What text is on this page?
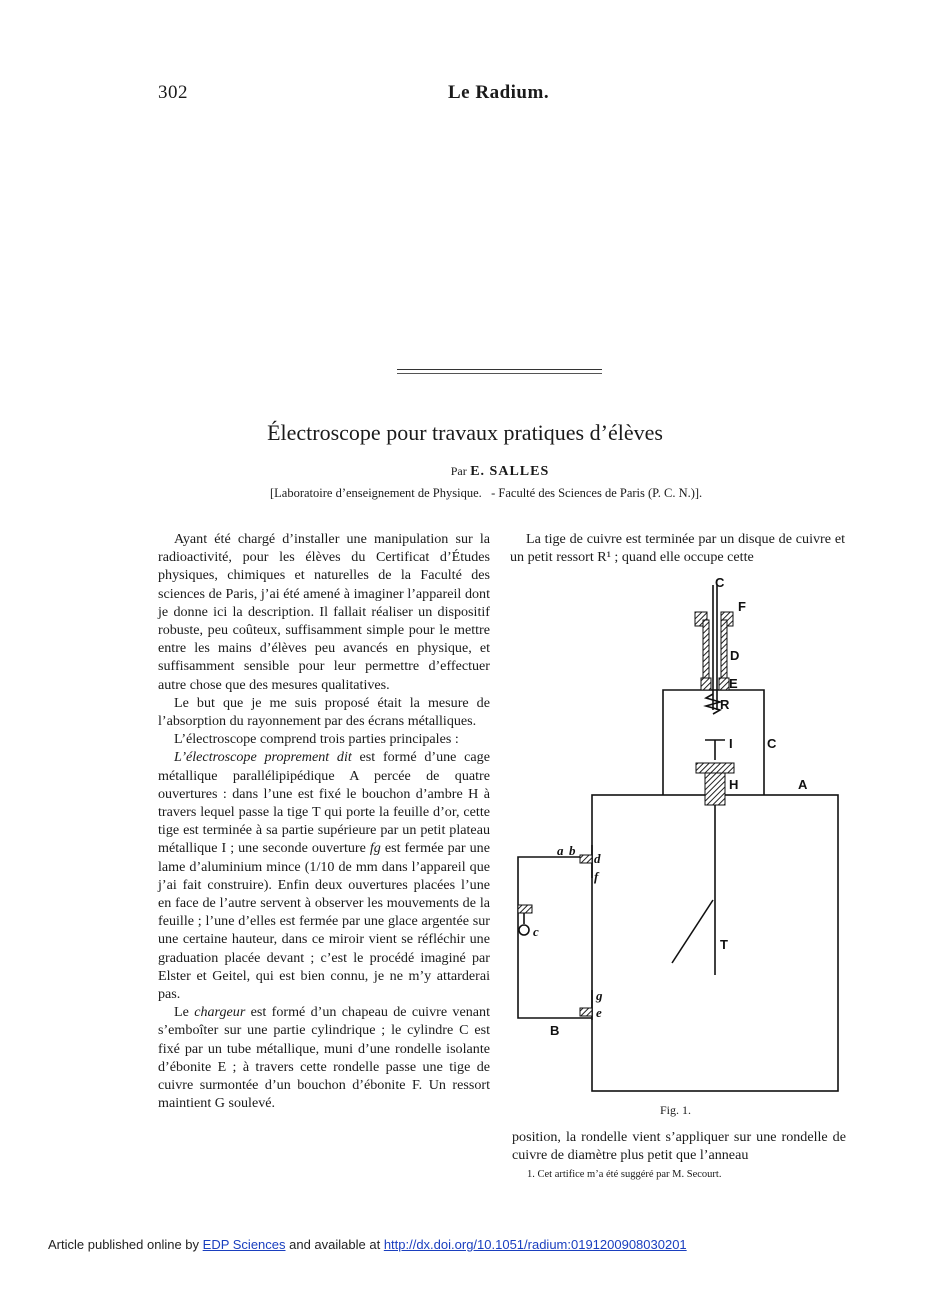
302	Le Radium.
Électroscope pour travaux pratiques d’élèves
Par E. SALLES
[Laboratoire d’enseignement de Physique.   - Faculté des Sciences de Paris (P. C. N.)].

Ayant été chargé d’installer une manipulation sur la radioactivité, pour les élèves du Certificat d’Études physiques, chimiques et naturelles de la Faculté des sciences de Paris, j’ai été amené à imaginer l’appareil dont je donne ici la description. Il fallait réaliser un dispositif robuste, peu coûteux, suffisamment simple pour le mettre entre les mains d’élèves peu avancés en physique, et suffisamment sensible pour leur permettre d’effectuer autre chose que des mesures qualitatives.

Le but que je me suis proposé était la mesure de l’absorption du rayonnement par des écrans métalliques.

L’électroscope comprend trois parties principales :

L’électroscope proprement dit est formé d’une cage métallique parallélipipédique A percée de quatre ouvertures : dans l’une est fixé le bouchon d’ambre H à travers lequel passe la tige T qui porte la feuille d’or, cette tige est terminée à sa partie supérieure par un petit plateau métallique I ; une seconde ouverture fg est fermée par une lame d’aluminium mince (1/10 de mm dans l’appareil que j’ai fait construire). Enfin deux ouvertures placées l’une en face de l’autre servent à observer les mouvements de la feuille ; l’une d’elles est fermée par une glace argentée sur une certaine hauteur, dans ce miroir vient se réfléchir une graduation placée devant ; c’est le procédé imaginé par Elster et Geitel, qui est bien connu, je ne m’y attarderai pas.

Le chargeur est formé d’un chapeau de cuivre venant s’emboîter sur une partie cylindrique ; le cylindre C est fixé par un tube métallique, muni d’une rondelle isolante d’ébonite E ; à travers cette rondelle passe une tige de cuivre surmontée d’un bouchon d’ébonite F. Un ressort maintient G soulevé.

La tige de cuivre est terminée par un disque de cuivre et un petit ressort R¹ ; quand elle occupe cette

position, la rondelle vient s’appliquer sur une rondelle de cuivre de diamètre plus petit que l’anneau

1. Cet artifice m’a été suggéré par M. Secourt.
C
F
D
E
R
I	C
H	A
T
B
a b
d
f
c
g
e
Fig. 1.
Article published online by EDP Sciences and available at http://dx.doi.org/10.1051/radium:0191200908030201
